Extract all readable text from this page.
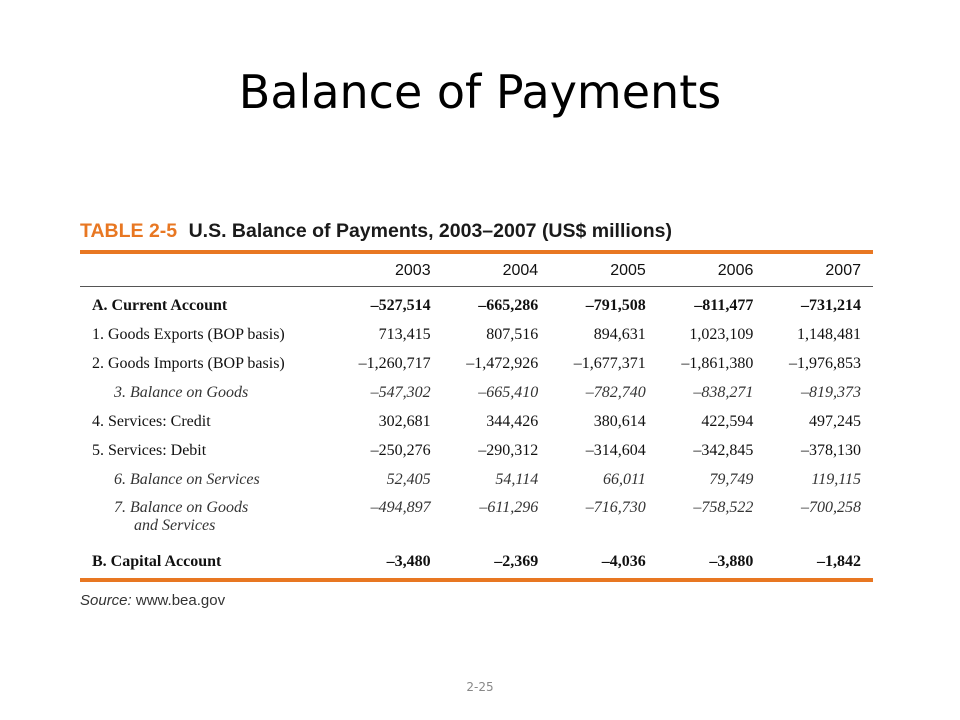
Balance of Payments
TABLE 2-5 U.S. Balance of Payments, 2003–2007 (US$ millions)
	2003	2004	2005	2006	2007
A. Current Account	–527,514	–665,286	–791,508	–811,477	–731,214
1. Goods Exports (BOP basis)	713,415	807,516	894,631	1,023,109	1,148,481
2. Goods Imports (BOP basis)	–1,260,717	–1,472,926	–1,677,371	–1,861,380	–1,976,853
3. Balance on Goods	–547,302	–665,410	–782,740	–838,271	–819,373
4. Services: Credit	302,681	344,426	380,614	422,594	497,245
5. Services: Debit	–250,276	–290,312	–314,604	–342,845	–378,130
6. Balance on Services	52,405	54,114	66,011	79,749	119,115
7. Balance on Goods
and Services	–494,897	–611,296	–716,730	–758,522	–700,258
B. Capital Account	–3,480	–2,369	–4,036	–3,880	–1,842
Source: www.bea.gov
2-25
